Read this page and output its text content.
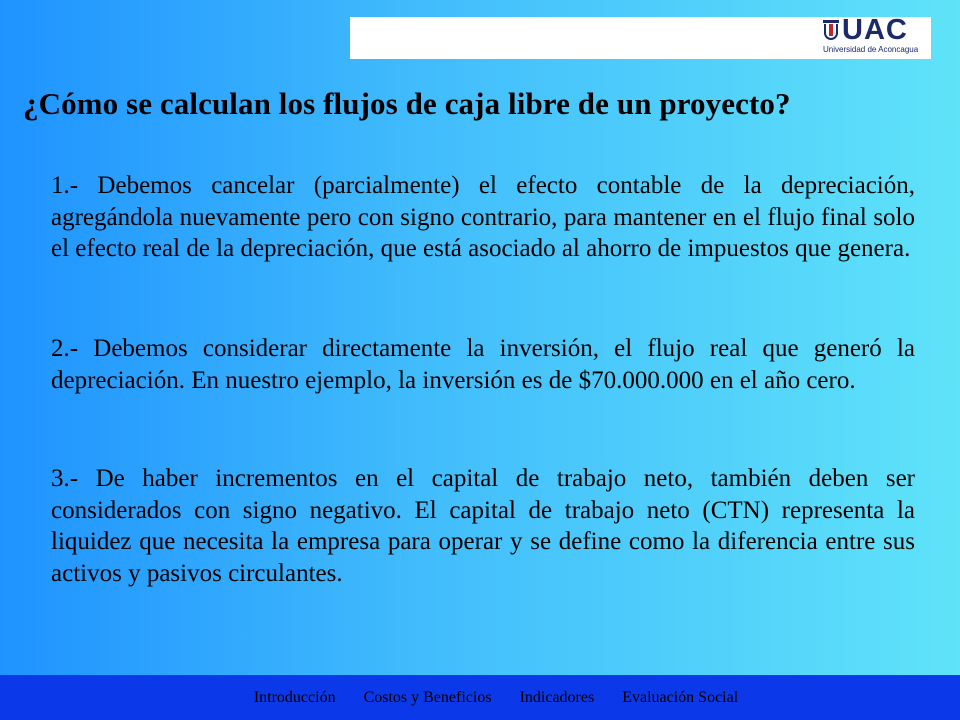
UAC
Universidad de Aconcagua
¿Cómo se calculan los flujos de caja libre de un proyecto?

1.- Debemos cancelar (parcialmente) el efecto contable de la depreciación, agregándola nuevamente pero con signo contrario, para mantener en el flujo final solo el efecto real de la depreciación, que está asociado al ahorro de impuestos que genera.

2.- Debemos considerar directamente la inversión, el flujo real que generó la depreciación. En nuestro ejemplo, la inversión es de $70.000.000 en el año cero.

3.- De haber incrementos en el capital de trabajo neto, también deben ser considerados con signo negativo. El capital de trabajo neto (CTN) representa la liquidez que necesita la empresa para operar y se define como la diferencia entre sus activos y pasivos circulantes.

Introducción Costos y Beneficios Indicadores Evaluación Social
